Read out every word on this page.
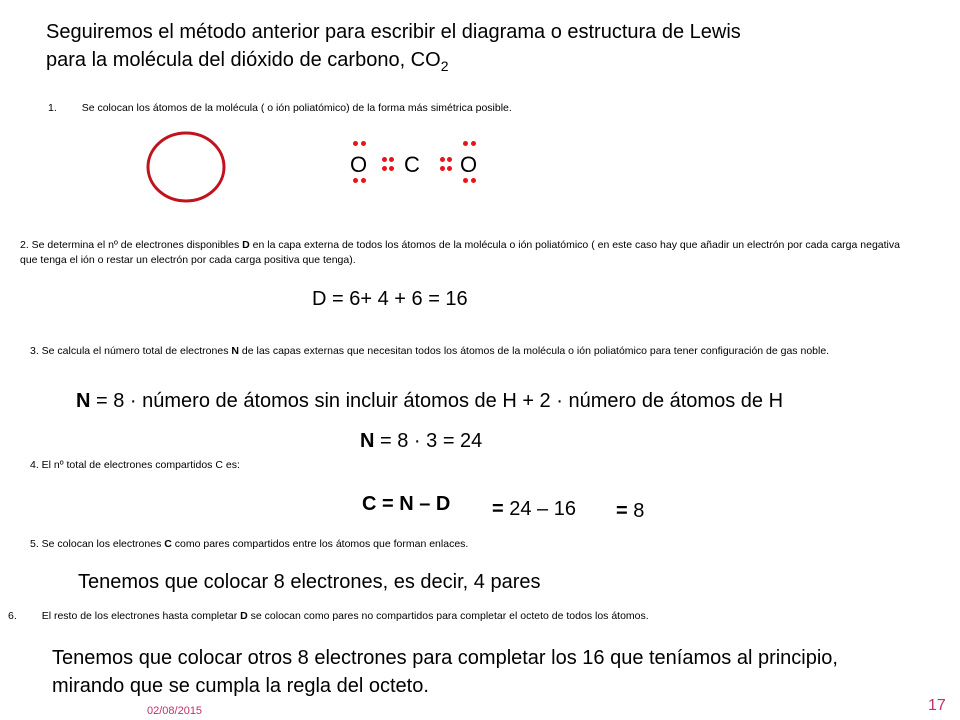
Seguiremos el método anterior para escribir el diagrama o estructura de Lewis
para la molécula del dióxido de carbono, $CO_2$
1. Se colocan los átomos de la molécula ( o ión poliatómico) de la forma más simétrica posible.
O C O
2. Se determina el nº de electrones disponibles D en la capa externa de todos los átomos de la molécula o ión poliatómico ( en este caso hay que añadir un electrón por cada carga negativa que tenga el ión o restar un electrón por cada carga positiva que tenga).
D = 6+ 4 + 6 = 16
3. Se calcula el número total de electrones N de las capas externas que necesitan todos los átomos de la molécula o ión poliatómico para tener configuración de gas noble.
N = 8 · número de átomos sin incluir átomos de H + 2 · número de átomos de H
N = 8 · 3 = 24
4. El nº total de electrones compartidos C es:
C = N – D = 24 – 16 = 8
5. Se colocan los electrones C como pares compartidos entre los átomos que forman enlaces.
Tenemos que colocar 8 electrones, es decir, 4 pares
6. El resto de los electrones hasta completar D se colocan como pares no compartidos para completar el octeto de todos los átomos.
Tenemos que colocar otros 8 electrones para completar los 16 que teníamos al principio, mirando que se cumpla la regla del octeto.
02/08/2015	17
